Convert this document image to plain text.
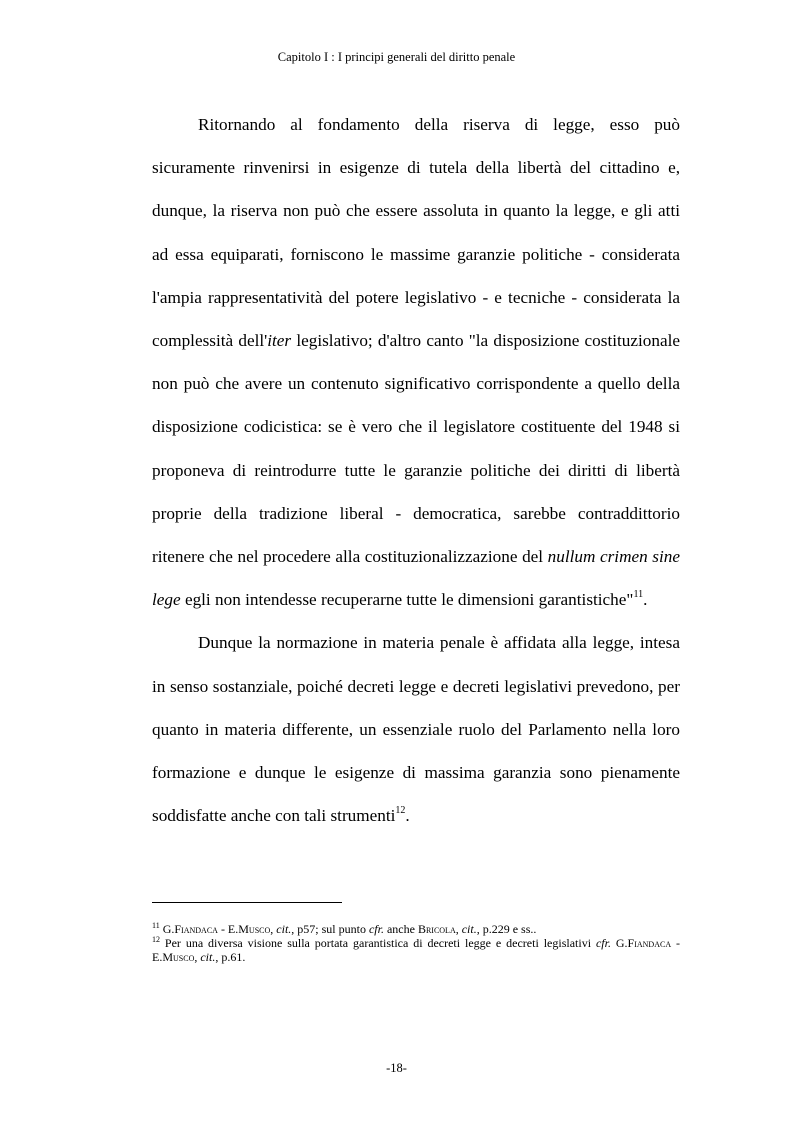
Capitolo I : I principi generali del diritto penale

Ritornando al fondamento della riserva di legge, esso può sicuramente rinvenirsi in esigenze di tutela della libertà del cittadino e, dunque, la riserva non può che essere assoluta in quanto la legge, e gli atti ad essa equiparati, forniscono le massime garanzie politiche - considerata l'ampia rappresentatività del potere legislativo - e tecniche - considerata la complessità dell'iter legislativo; d'altro canto "la disposizione costituzionale non può che avere un contenuto significativo corrispondente a quello della disposizione codicistica: se è vero che il legislatore costituente del 1948 si proponeva di reintrodurre tutte le garanzie politiche dei diritti di libertà proprie della tradizione liberal - democratica, sarebbe contraddittorio ritenere che nel procedere alla costituzionalizzazione del nullum crimen sine lege egli non intendesse recuperarne tutte le dimensioni garantistiche"$^{11}$.

Dunque la normazione in materia penale è affidata alla legge, intesa in senso sostanziale, poiché decreti legge e decreti legislativi prevedono, per quanto in materia differente, un essenziale ruolo del Parlamento nella loro formazione e dunque le esigenze di massima garanzia sono pienamente soddisfatte anche con tali strumenti$^{12}$.

$^{11}$ G.Fiandaca - E.Musco, cit., p57; sul punto cfr. anche Bricola, cit., p.229 e ss..

$^{12}$ Per una diversa visione sulla portata garantistica di decreti legge e decreti legislativi cfr. G.Fiandaca - E.Musco, cit., p.61.

-18-
